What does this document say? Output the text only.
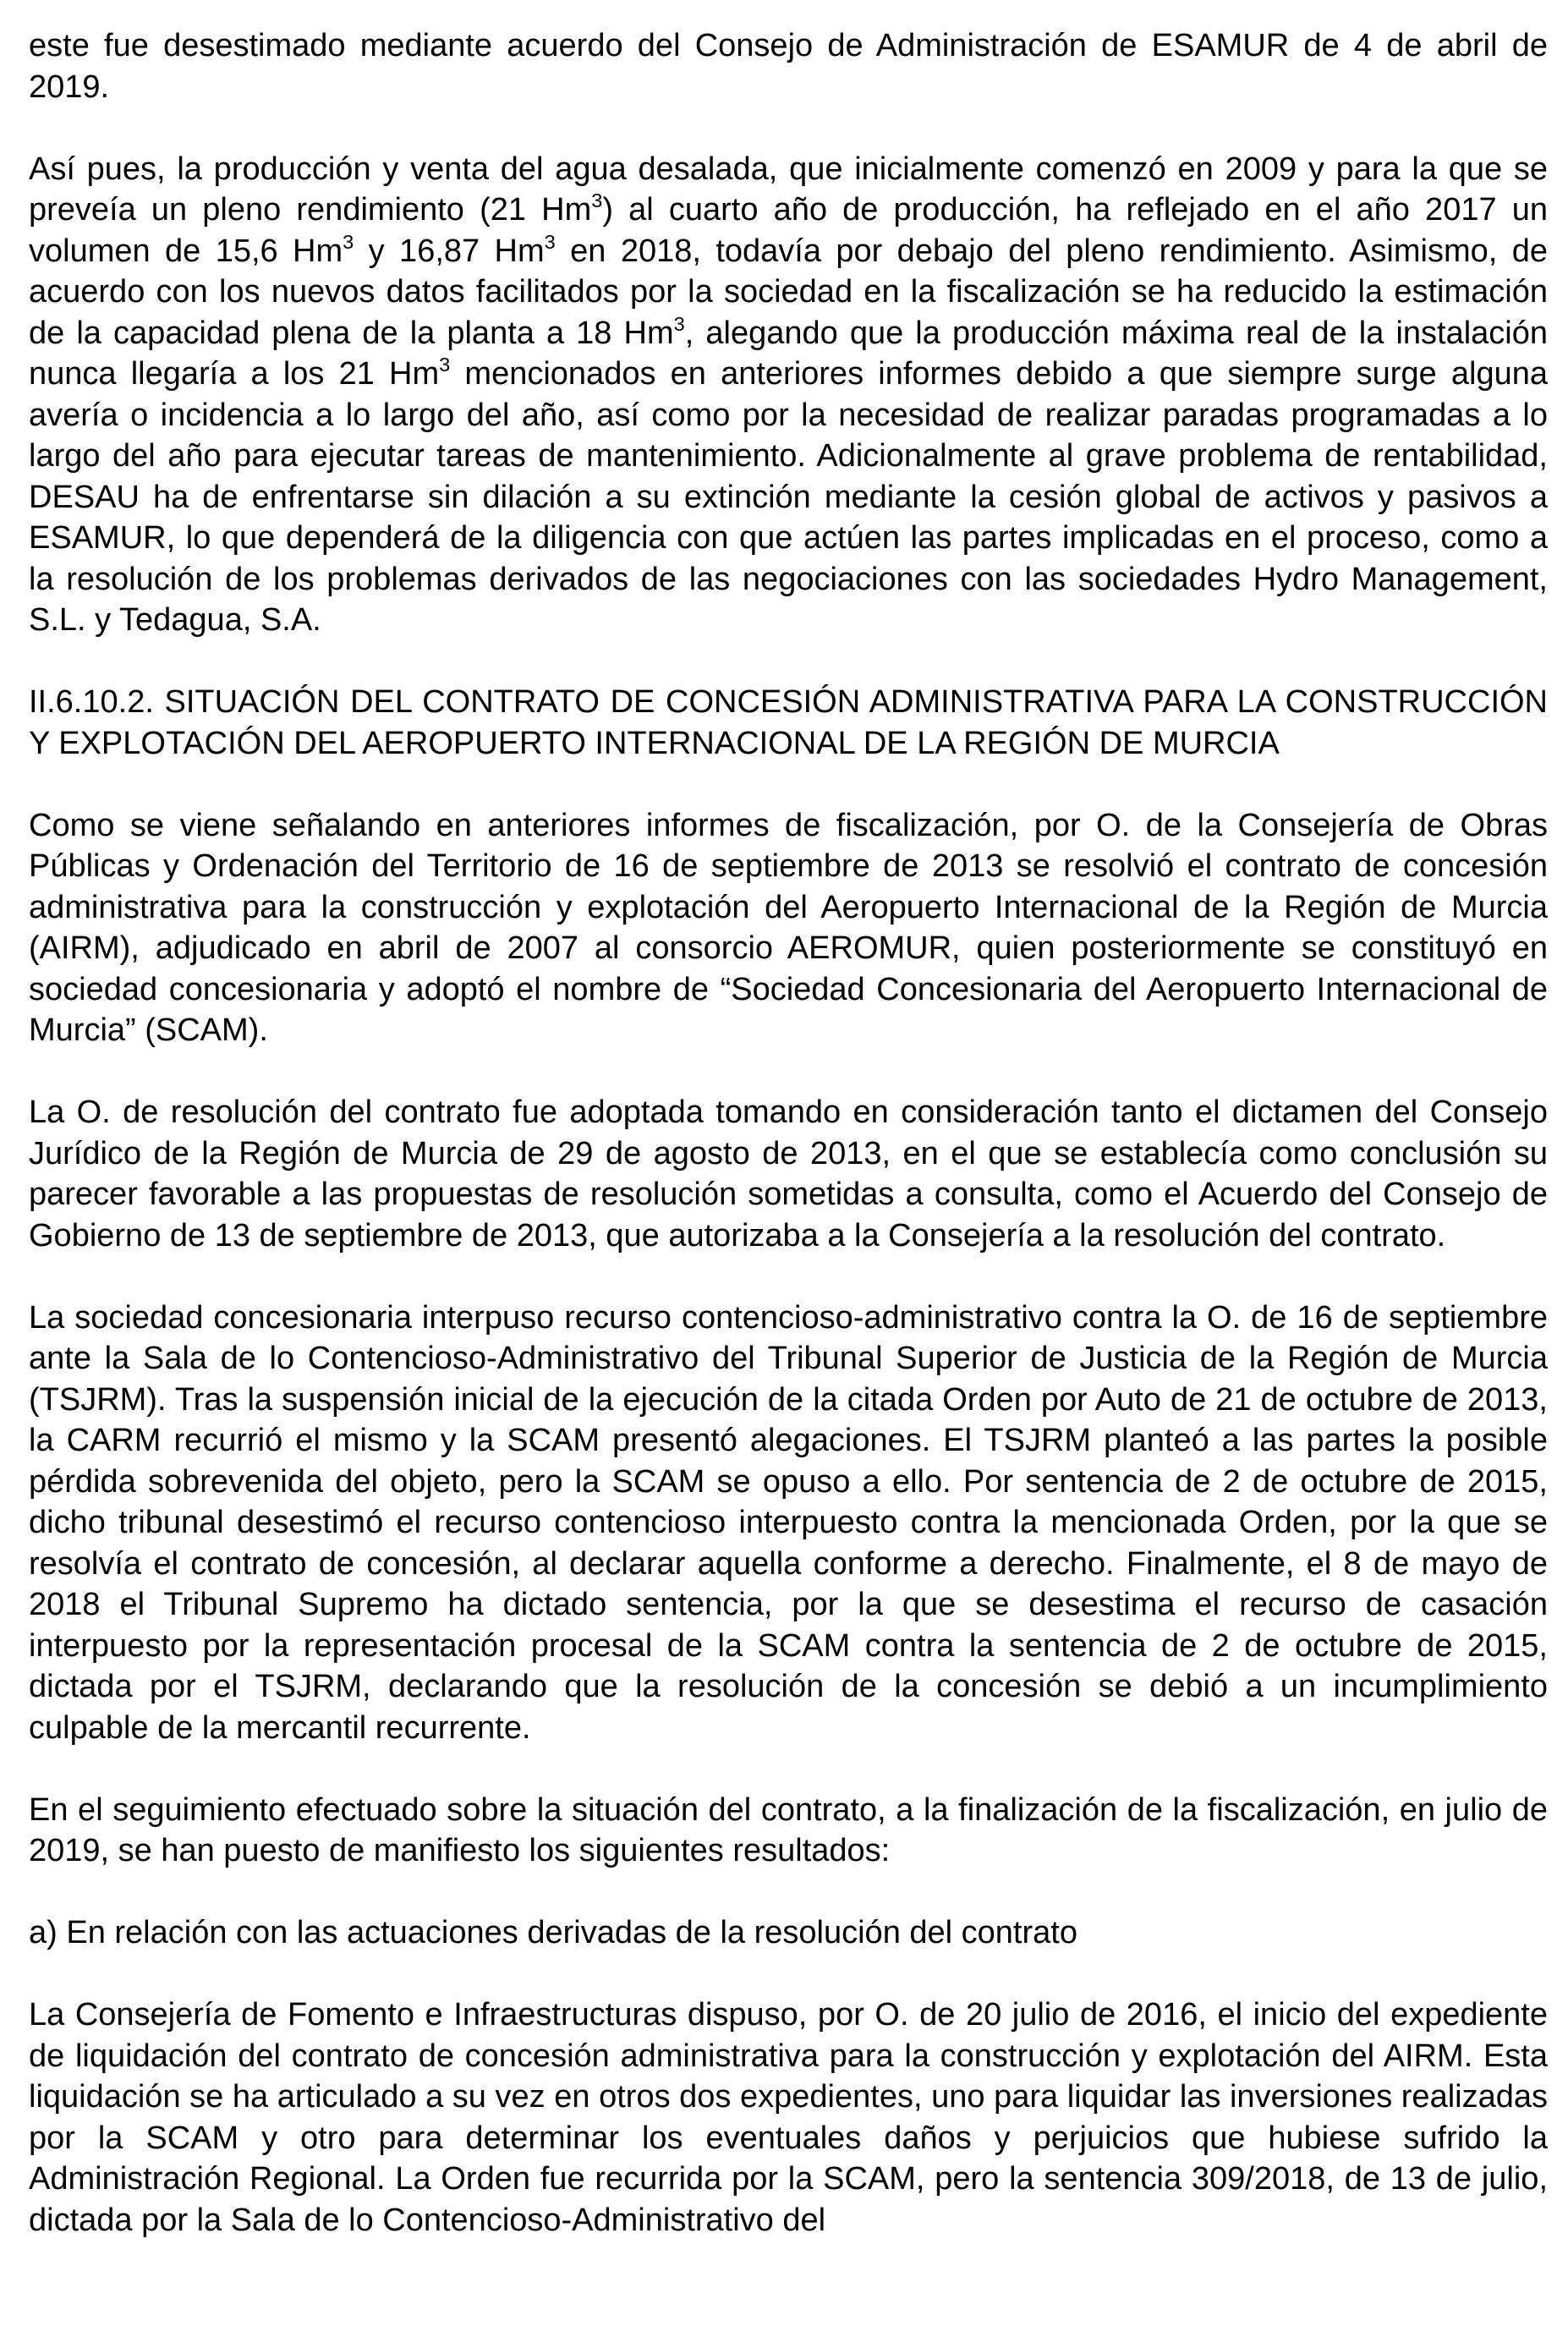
este fue desestimado mediante acuerdo del Consejo de Administración de ESAMUR de 4 de abril de 2019.

Así pues, la producción y venta del agua desalada, que inicialmente comenzó en 2009 y para la que se preveía un pleno rendimiento (21 Hm$^3$) al cuarto año de producción, ha reflejado en el año 2017 un volumen de 15,6 Hm$^3$ y 16,87 Hm$^3$ en 2018, todavía por debajo del pleno rendimiento. Asimismo, de acuerdo con los nuevos datos facilitados por la sociedad en la fiscalización se ha reducido la estimación de la capacidad plena de la planta a 18 Hm$^3$, alegando que la producción máxima real de la instalación nunca llegaría a los 21 Hm$^3$ mencionados en anteriores informes debido a que siempre surge alguna avería o incidencia a lo largo del año, así como por la necesidad de realizar paradas programadas a lo largo del año para ejecutar tareas de mantenimiento. Adicionalmente al grave problema de rentabilidad, DESAU ha de enfrentarse sin dilación a su extinción mediante la cesión global de activos y pasivos a ESAMUR, lo que dependerá de la diligencia con que actúen las partes implicadas en el proceso, como a la resolución de los problemas derivados de las negociaciones con las sociedades Hydro Management, S.L. y Tedagua, S.A.

II.6.10.2. SITUACIÓN DEL CONTRATO DE CONCESIÓN ADMINISTRATIVA PARA LA CONSTRUCCIÓN Y EXPLOTACIÓN DEL AEROPUERTO INTERNACIONAL DE LA REGIÓN DE MURCIA

Como se viene señalando en anteriores informes de fiscalización, por O. de la Consejería de Obras Públicas y Ordenación del Territorio de 16 de septiembre de 2013 se resolvió el contrato de concesión administrativa para la construcción y explotación del Aeropuerto Internacional de la Región de Murcia (AIRM), adjudicado en abril de 2007 al consorcio AEROMUR, quien posteriormente se constituyó en sociedad concesionaria y adoptó el nombre de “Sociedad Concesionaria del Aeropuerto Internacional de Murcia” (SCAM).

La O. de resolución del contrato fue adoptada tomando en consideración tanto el dictamen del Consejo Jurídico de la Región de Murcia de 29 de agosto de 2013, en el que se establecía como conclusión su parecer favorable a las propuestas de resolución sometidas a consulta, como el Acuerdo del Consejo de Gobierno de 13 de septiembre de 2013, que autorizaba a la Consejería a la resolución del contrato.

La sociedad concesionaria interpuso recurso contencioso-administrativo contra la O. de 16 de septiembre ante la Sala de lo Contencioso-Administrativo del Tribunal Superior de Justicia de la Región de Murcia (TSJRM). Tras la suspensión inicial de la ejecución de la citada Orden por Auto de 21 de octubre de 2013, la CARM recurrió el mismo y la SCAM presentó alegaciones. El TSJRM planteó a las partes la posible pérdida sobrevenida del objeto, pero la SCAM se opuso a ello. Por sentencia de 2 de octubre de 2015, dicho tribunal desestimó el recurso contencioso interpuesto contra la mencionada Orden, por la que se resolvía el contrato de concesión, al declarar aquella conforme a derecho. Finalmente, el 8 de mayo de 2018 el Tribunal Supremo ha dictado sentencia, por la que se desestima el recurso de casación interpuesto por la representación procesal de la SCAM contra la sentencia de 2 de octubre de 2015, dictada por el TSJRM, declarando que la resolución de la concesión se debió a un incumplimiento culpable de la mercantil recurrente.

En el seguimiento efectuado sobre la situación del contrato, a la finalización de la fiscalización, en julio de 2019, se han puesto de manifiesto los siguientes resultados:

a) En relación con las actuaciones derivadas de la resolución del contrato

La Consejería de Fomento e Infraestructuras dispuso, por O. de 20 julio de 2016, el inicio del expediente de liquidación del contrato de concesión administrativa para la construcción y explotación del AIRM. Esta liquidación se ha articulado a su vez en otros dos expedientes, uno para liquidar las inversiones realizadas por la SCAM y otro para determinar los eventuales daños y perjuicios que hubiese sufrido la Administración Regional. La Orden fue recurrida por la SCAM, pero la sentencia 309/2018, de 13 de julio, dictada por la Sala de lo Contencioso-Administrativo del
